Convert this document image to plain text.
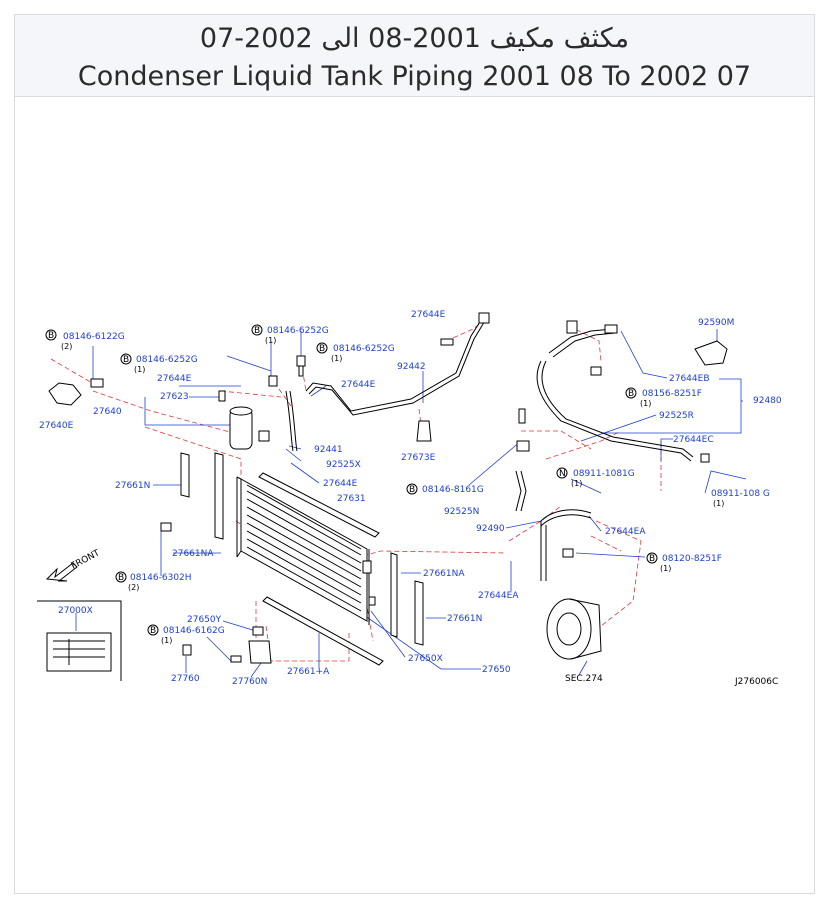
مكثف مكيف 2001-08 الى 2002-07
Condenser Liquid Tank Piping 2001 08 To 2002 07
B 08146-6122G
(2)
B 08146-6252G
(1)
B 08146-6252G
(1)
B 08146-6252G
(1)
27644E
92442
92590M
27644E
27623
27640
27640E
27644E
27644EB
B 08156-8251F
(1)	92480
92525R
27644EC
92441
92525X
27673E
27644E
27661N	B 08146-8161G
N 08911-1081G
(1)
08911-108 G
(1)
27631
92525N
92490	27644EA
27661NA
B 08146-6302H
(2)
B 08120-8251F
(1)
27661NA
27644EA
FRONT
27000X
27650Y
B 08146-6162G
(1)
27661N
27650X
27650
27760	27760N
27661+A
SEC.274	J276006C
